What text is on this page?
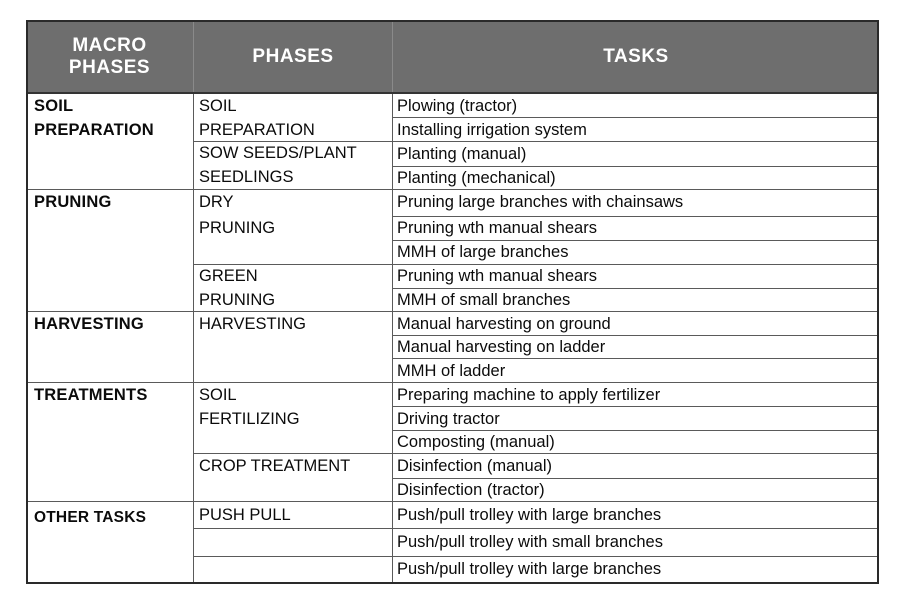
MACRO
PHASES
PHASES	TASKS
SOIL
PREPARATION
PRUNING
HARVESTING
TREATMENTS
OTHER TASKS
SOIL
PREPARATION
SOW SEEDS/PLANT
SEEDLINGS
DRY
PRUNING
GREEN
PRUNING
HARVESTING
SOIL
FERTILIZING
CROP TREATMENT
PUSH PULL
Plowing (tractor)
Installing irrigation system
Planting (manual)
Planting (mechanical)
Pruning large branches with chainsaws
Pruning wth manual shears
MMH of large branches
Pruning wth manual shears
MMH of small branches
Manual harvesting on ground
Manual harvesting on ladder
MMH of ladder
Preparing machine to apply fertilizer
Driving tractor
Composting (manual)
Disinfection (manual)
Disinfection (tractor)
Push/pull trolley with large branches
Push/pull trolley with small branches
Push/pull trolley with large branches
